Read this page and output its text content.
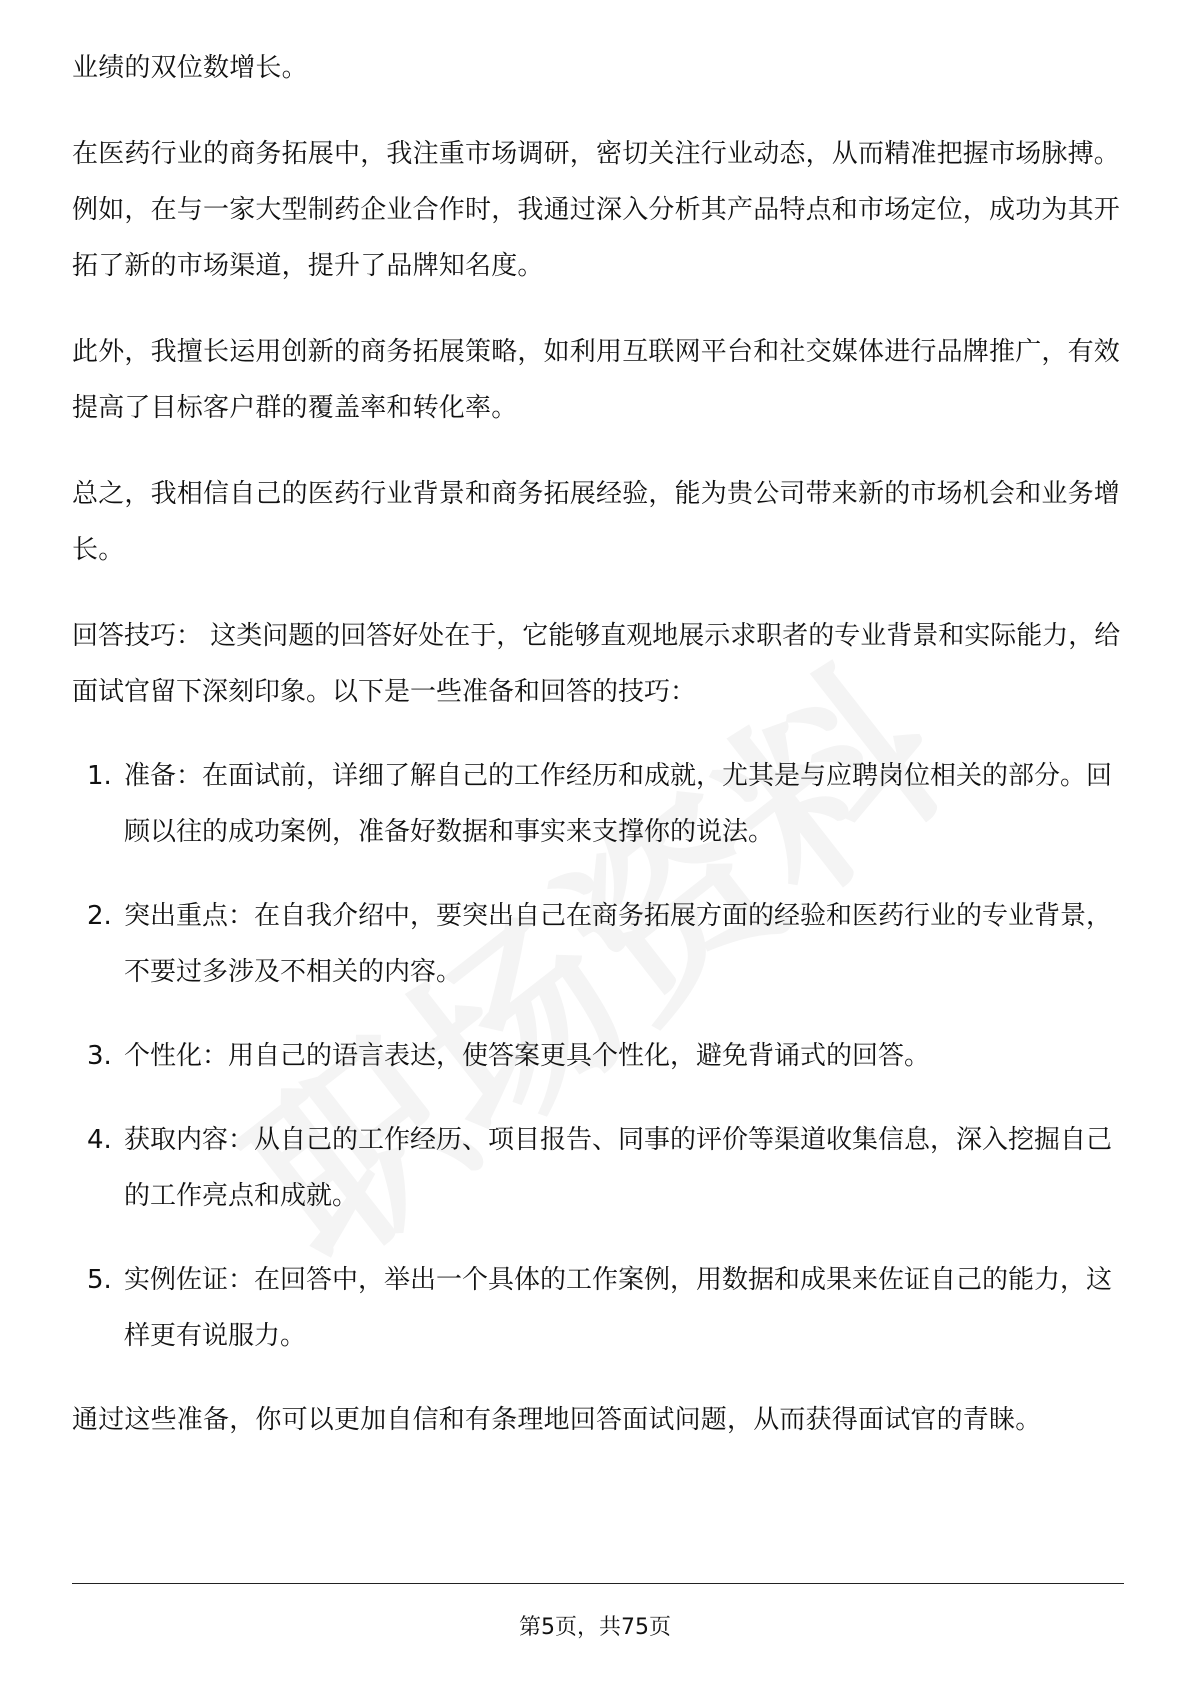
业绩的双位数增长。

在医药行业的商务拓展中，我注重市场调研，密切关注行业动态，从而精准把握市场脉搏。例如，在与一家大型制药企业合作时，我通过深入分析其产品特点和市场定位，成功为其开拓了新的市场渠道，提升了品牌知名度。

此外，我擅长运用创新的商务拓展策略，如利用互联网平台和社交媒体进行品牌推广，有效提高了目标客户群的覆盖率和转化率。

总之，我相信自己的医药行业背景和商务拓展经验，能为贵公司带来新的市场机会和业务增长。

回答技巧： 这类问题的回答好处在于，它能够直观地展示求职者的专业背景和实际能力，给面试官留下深刻印象。以下是一些准备和回答的技巧：

1. 准备：在面试前，详细了解自己的工作经历和成就，尤其是与应聘岗位相关的部分。回顾以往的成功案例，准备好数据和事实来支撑你的说法。
2. 突出重点：在自我介绍中，要突出自己在商务拓展方面的经验和医药行业的专业背景，不要过多涉及不相关的内容。
3. 个性化：用自己的语言表达，使答案更具个性化，避免背诵式的回答。
4. 获取内容：从自己的工作经历、项目报告、同事的评价等渠道收集信息，深入挖掘自己的工作亮点和成就。
5. 实例佐证：在回答中，举出一个具体的工作案例，用数据和成果来佐证自己的能力，这样更有说服力。

通过这些准备，你可以更加自信和有条理地回答面试问题，从而获得面试官的青睐。

第5页，共75页
